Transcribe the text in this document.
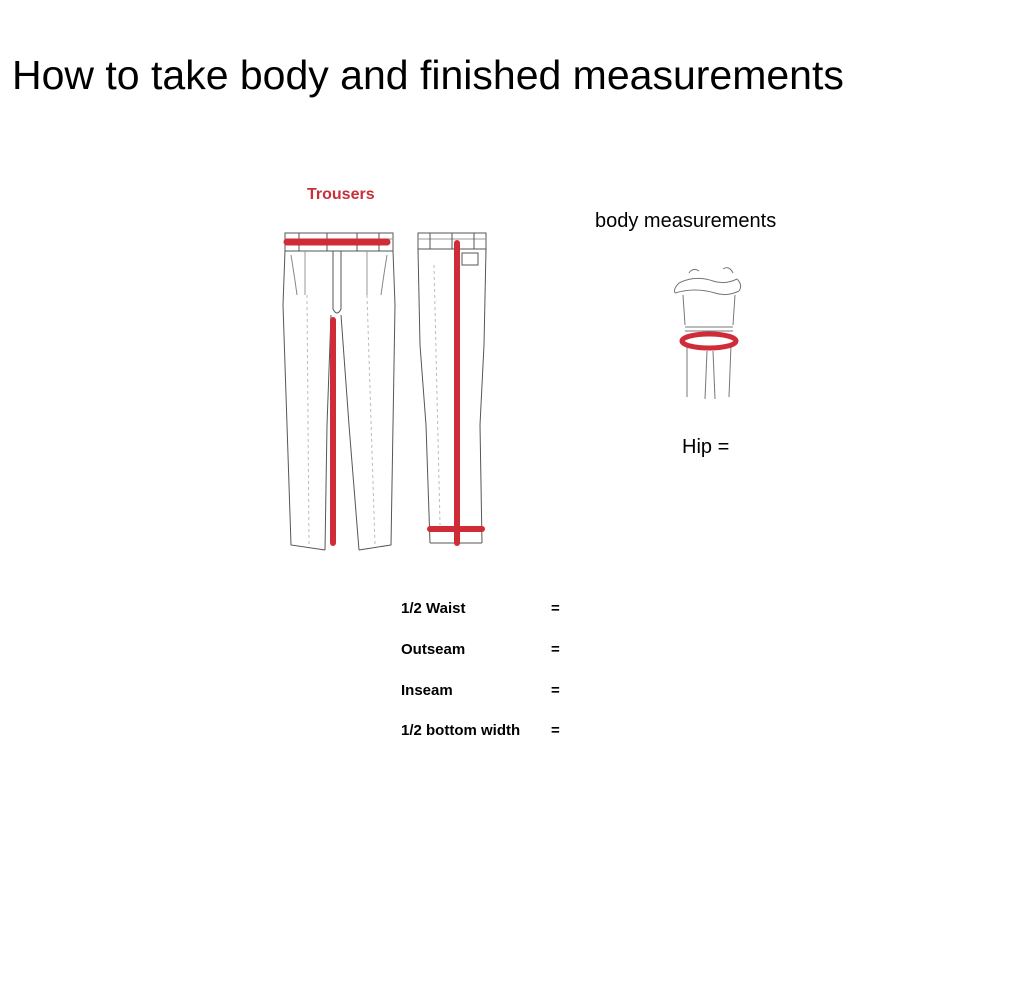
How to take body and finished measurements
Trousers
body measurements
Hip =
1/2 Waist	=
Outseam	=
Inseam	=
1/2 bottom width =
